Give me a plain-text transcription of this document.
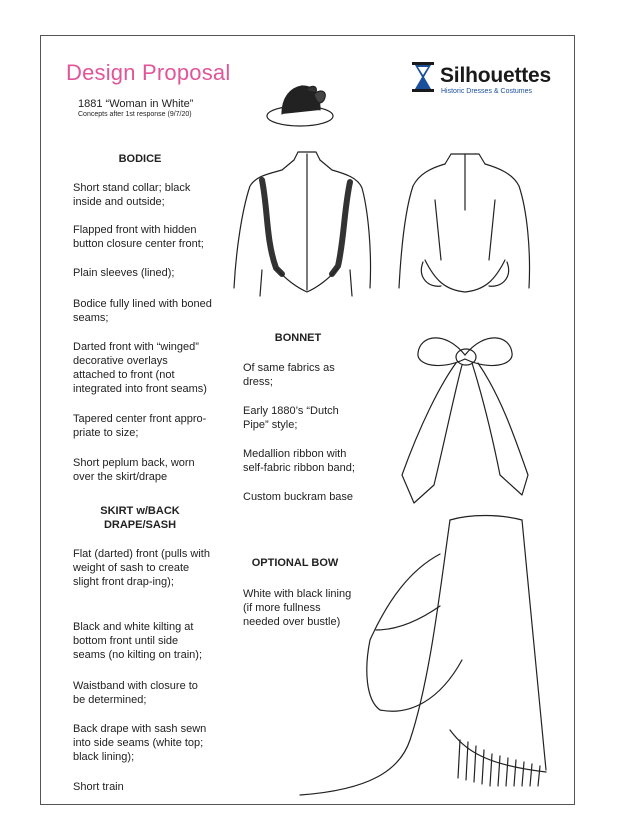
Design Proposal
1881 “Woman in White”
Concepts after 1st response (9/7/20)
Silhouettes
Historic Dresses & Costumes
BODICE
Short stand collar; black inside and outside;
Flapped front with hidden button closure center front;
Plain sleeves (lined);
Bodice fully lined with boned seams;
Darted front with “winged” decorative overlays attached to front (not integrated into front seams)
Tapered center front appro-priate to size;
Short peplum back, worn over the skirt/drape
SKIRT w/BACK DRAPE/SASH
Flat (darted) front (pulls with weight of sash to create slight front drap-ing);
Black and white kilting at bottom front until side seams (no kilting on train);
Waistband with closure to be determined;
Back drape with sash sewn into side seams (white top; black lining);
Short train
BONNET
Of same fabrics as dress;
Early 1880’s “Dutch Pipe” style;
Medallion ribbon with self-fabric ribbon band;
Custom buckram base
OPTIONAL BOW
White with black lining (if more fullness needed over bustle)
